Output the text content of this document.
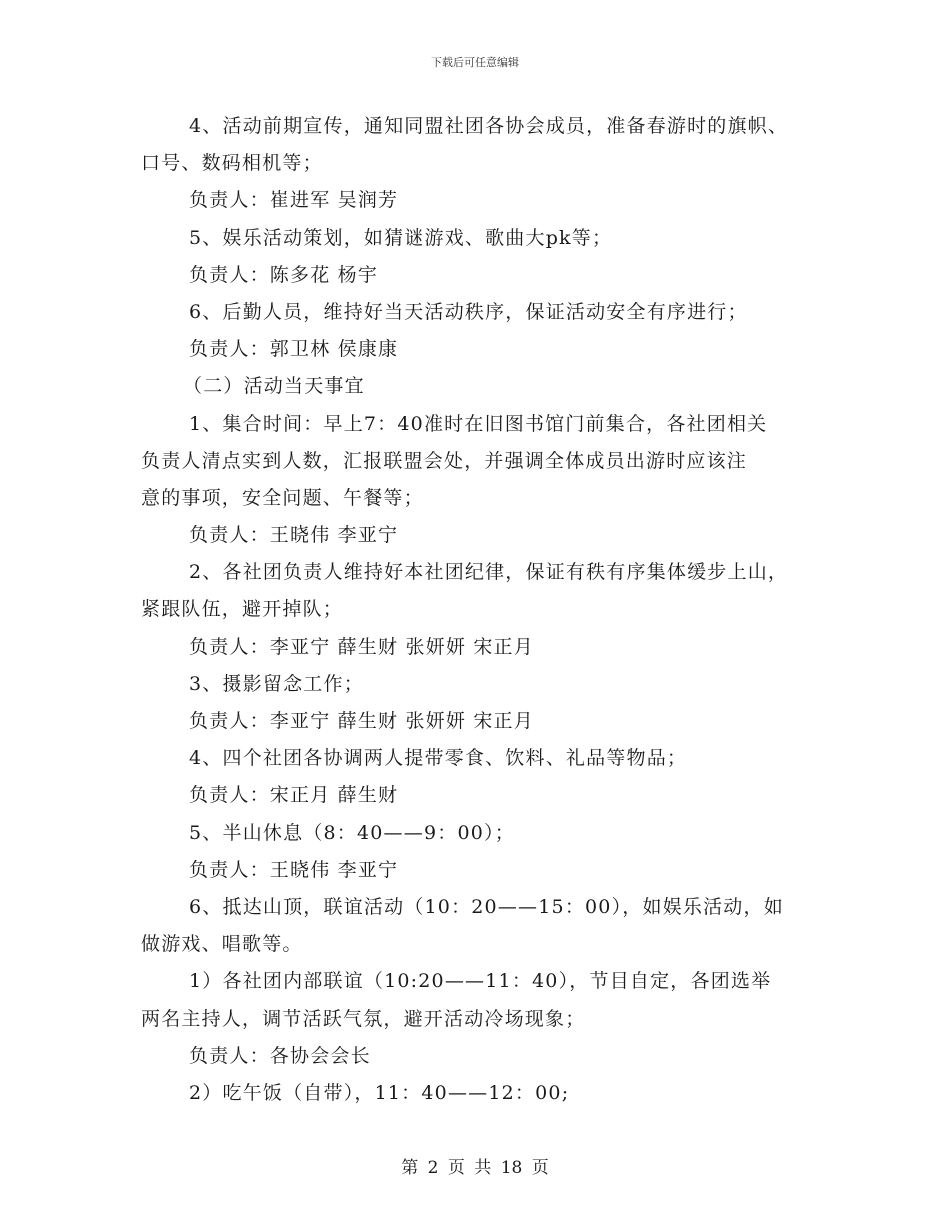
下载后可任意编辑
4、活动前期宣传，通知同盟社团各协会成员，准备春游时的旗帜、
口号、数码相机等；
负责人：崔进军 吴润芳
5、娱乐活动策划，如猜谜游戏、歌曲大pk等；
负责人：陈多花 杨宇
6、后勤人员，维持好当天活动秩序，保证活动安全有序进行；
负责人：郭卫林 侯康康
（二）活动当天事宜
1、集合时间：早上7：40准时在旧图书馆门前集合，各社团相关
负责人清点实到人数，汇报联盟会处，并强调全体成员出游时应该注
意的事项，安全问题、午餐等；
负责人：王晓伟 李亚宁
2、各社团负责人维持好本社团纪律，保证有秩有序集体缓步上山，
紧跟队伍，避开掉队；
负责人：李亚宁 薛生财 张妍妍 宋正月
3、摄影留念工作；
负责人：李亚宁 薛生财 张妍妍 宋正月
4、四个社团各协调两人提带零食、饮料、礼品等物品；
负责人：宋正月 薛生财
5、半山休息（8：40——9：00）；
负责人：王晓伟 李亚宁
6、抵达山顶，联谊活动（10：20——15：00），如娱乐活动，如
做游戏、唱歌等。
1）各社团内部联谊（10:20——11：40），节目自定，各团选举
两名主持人，调节活跃气氛，避开活动冷场现象；
负责人：各协会会长
2）吃午饭（自带），11：40——12：00;
第 2 页 共 18 页
